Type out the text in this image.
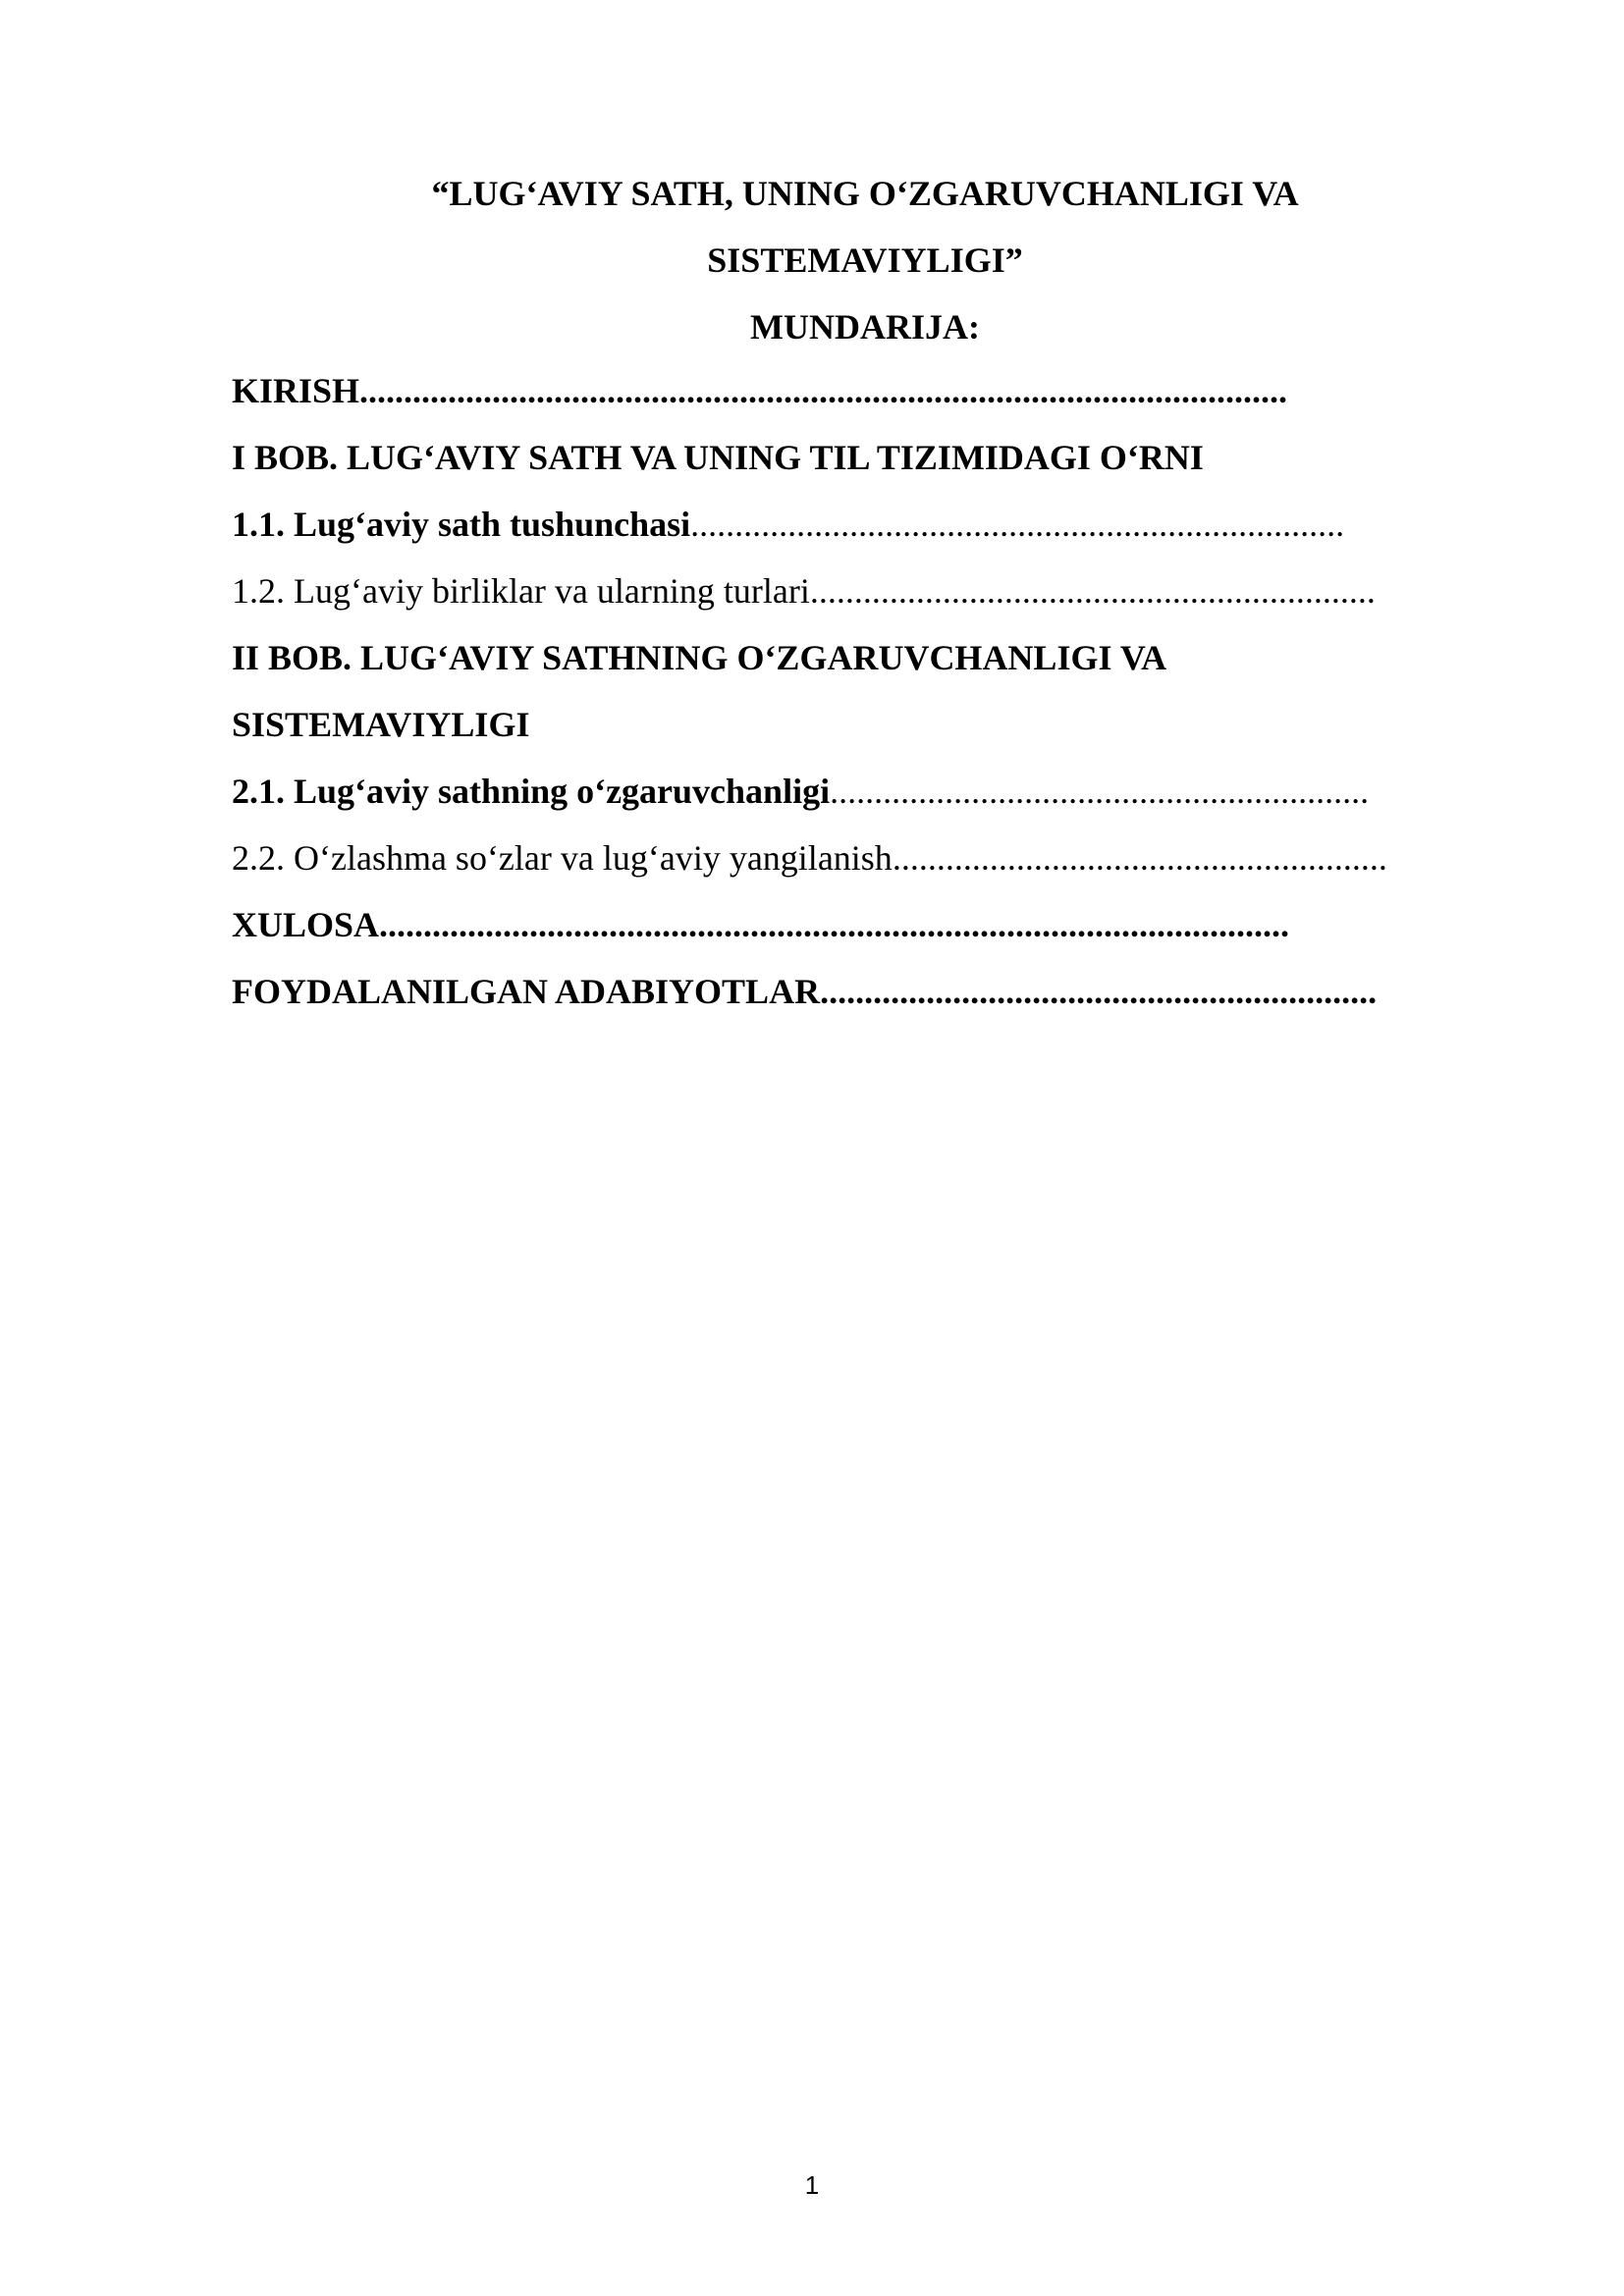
“LUG‘AVIY SATH, UNING O‘ZGARUVCHANLIGI VA
SISTEMAVIYLIGI”
MUNDARIJA:
KIRISH.........................................................................................................
I BOB. LUG‘AVIY SATH VA UNING TIL TIZIMIDAGI O‘RNI
1.1. Lug‘aviy sath tushunchasi..........................................................................
1.2. Lug‘aviy birliklar va ularning turlari................................................................
II BOB. LUG‘AVIY SATHNING O‘ZGARUVCHANLIGI VA
SISTEMAVIYLIGI
2.1. Lug‘aviy sathning o‘zgaruvchanligi.............................................................
2.2. O‘zlashma so‘zlar va lug‘aviy yangilanish........................................................
XULOSA.......................................................................................................
FOYDALANILGAN ADABIYOTLAR...............................................................
1
